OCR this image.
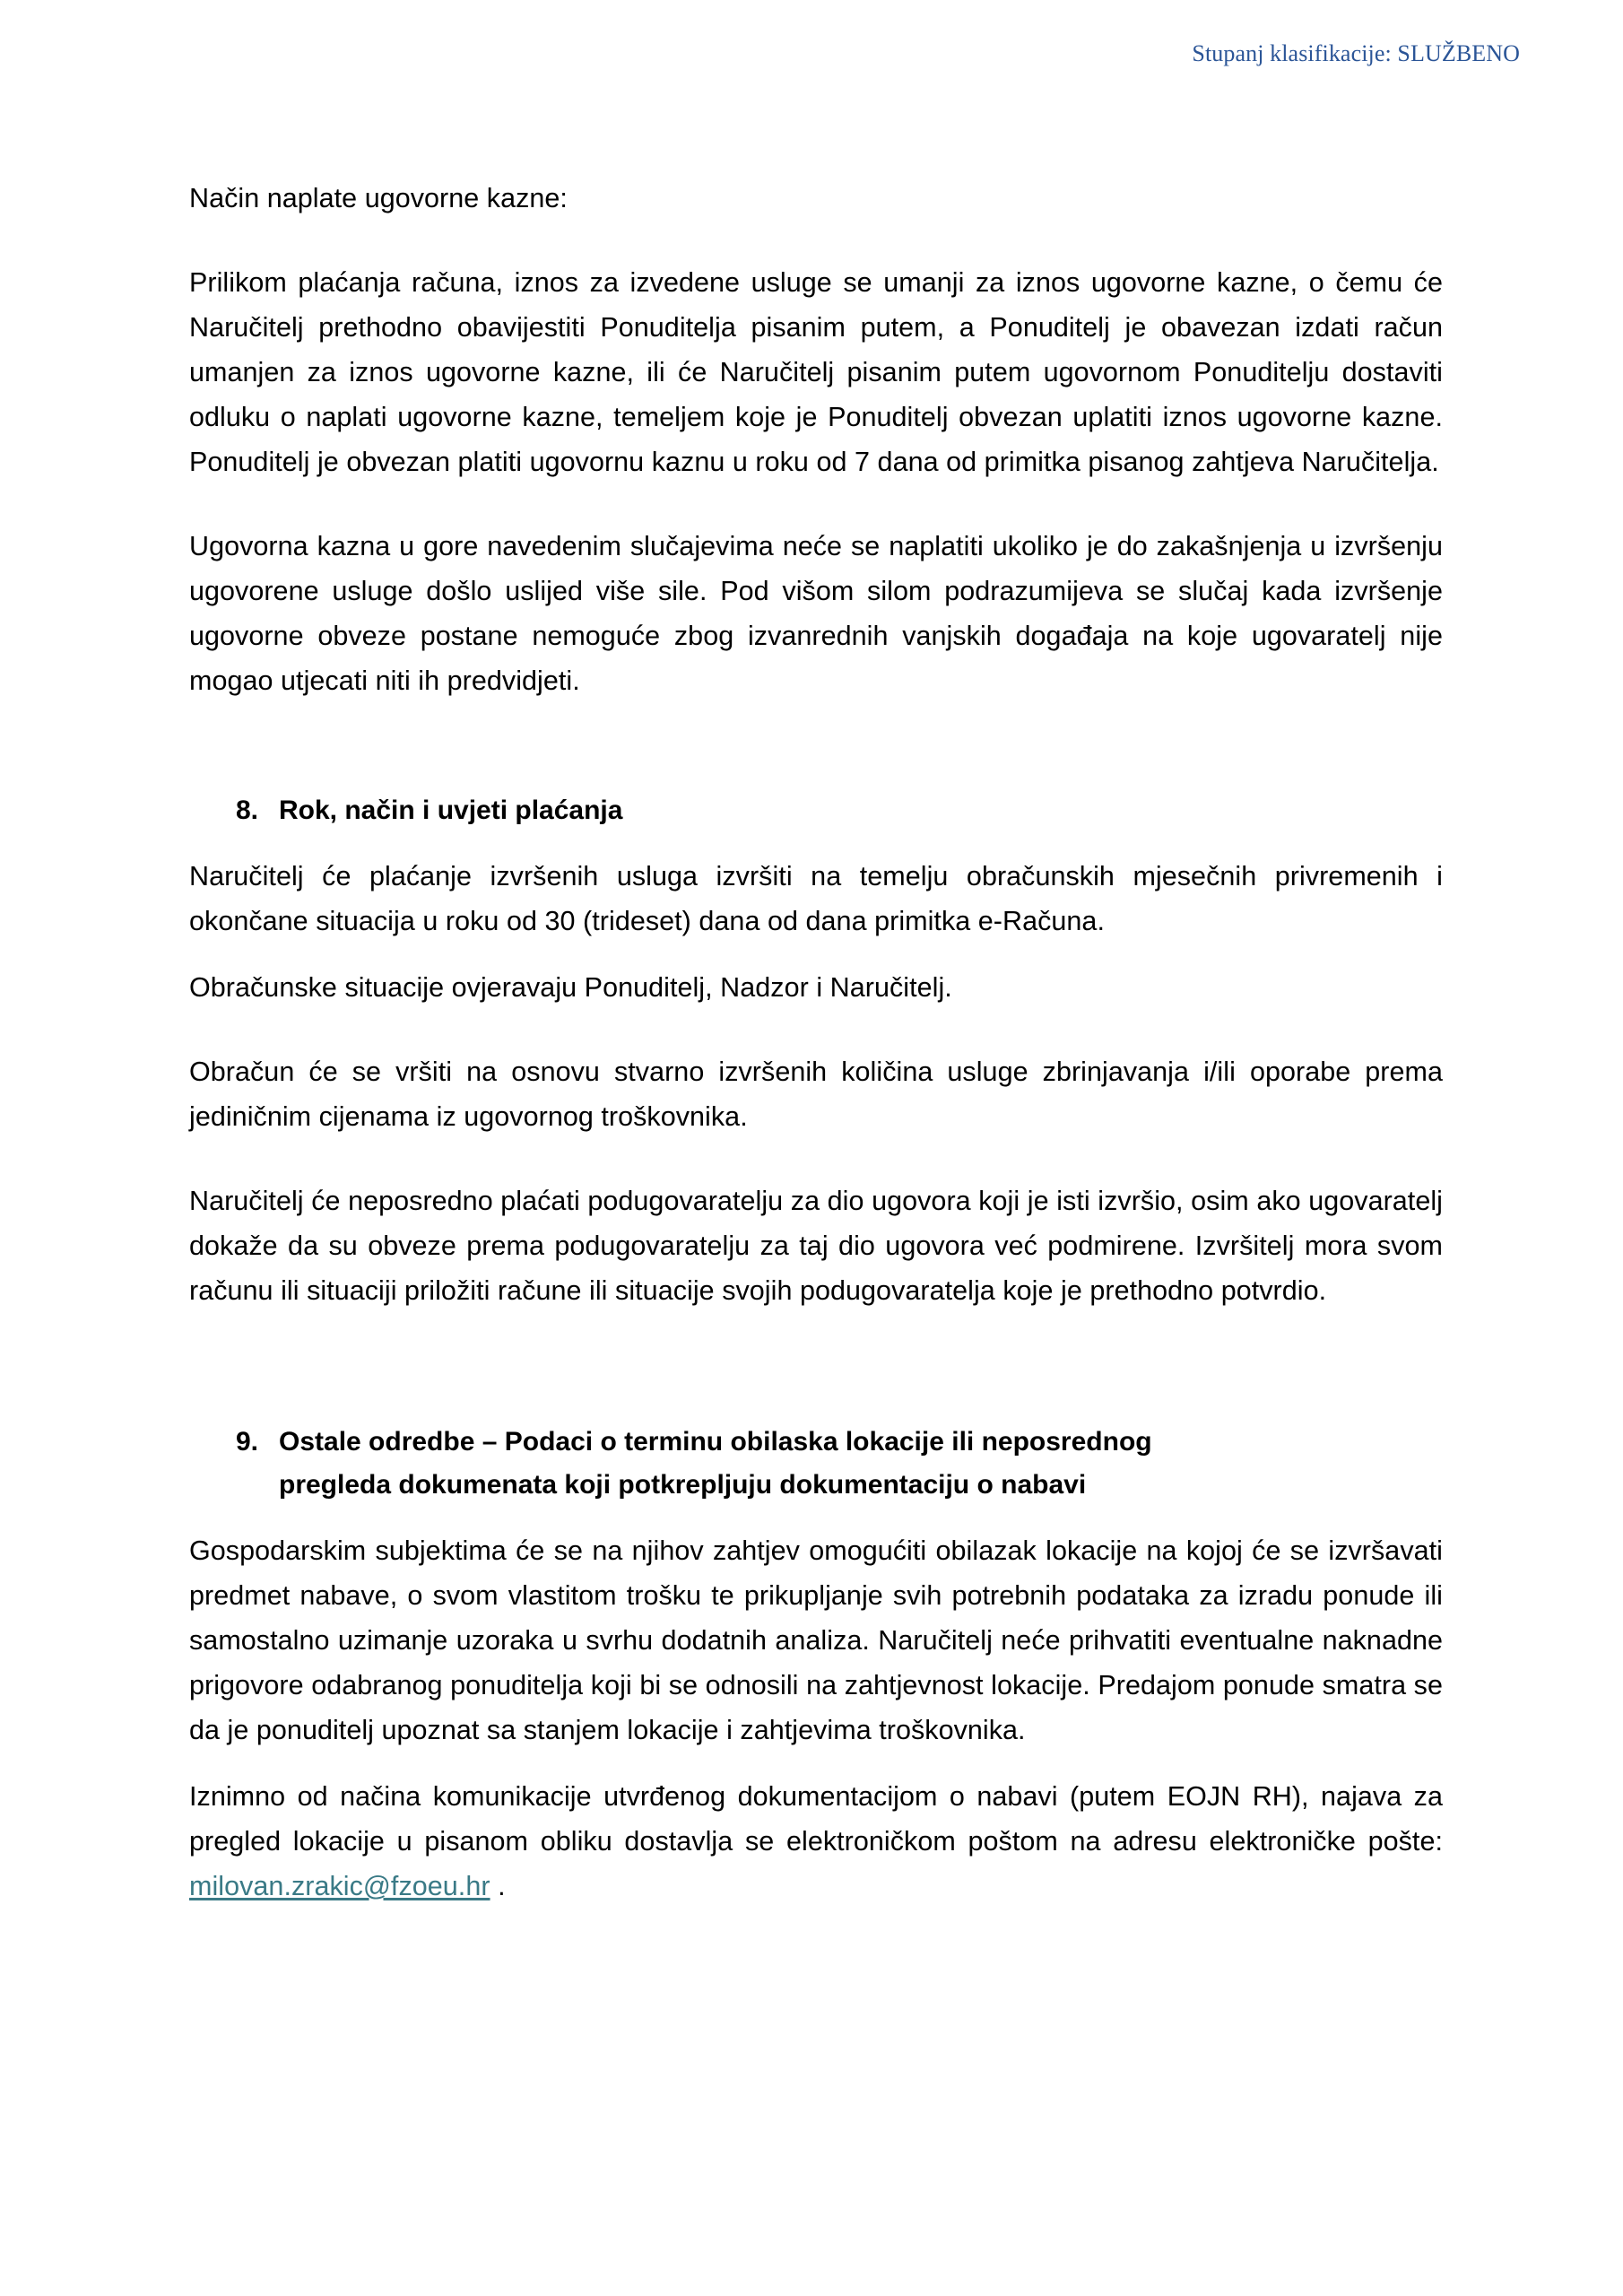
Stupanj klasifikacije: SLUŽBENO

Način naplate ugovorne kazne:

Prilikom plaćanja računa, iznos za izvedene usluge se umanji za iznos ugovorne kazne, o čemu će Naručitelj prethodno obavijestiti Ponuditelja pisanim putem, a Ponuditelj je obavezan izdati račun umanjen za iznos ugovorne kazne, ili će Naručitelj pisanim putem ugovornom Ponuditelju dostaviti odluku o naplati ugovorne kazne, temeljem koje je Ponuditelj obvezan uplatiti iznos ugovorne kazne. Ponuditelj je obvezan platiti ugovornu kaznu u roku od 7 dana od primitka pisanog zahtjeva Naručitelja.

Ugovorna kazna u gore navedenim slučajevima neće se naplatiti ukoliko je do zakašnjenja u izvršenju ugovorene usluge došlo uslijed više sile. Pod višom silom podrazumijeva se slučaj kada izvršenje ugovorne obveze postane nemoguće zbog izvanrednih vanjskih događaja na koje ugovaratelj nije mogao utjecati niti ih predvidjeti.

8. Rok, način i uvjeti plaćanja

Naručitelj će plaćanje izvršenih usluga izvršiti na temelju obračunskih mjesečnih privremenih i okončane situacija u roku od 30 (trideset) dana od dana primitka e-Računa.

Obračunske situacije ovjeravaju Ponuditelj, Nadzor i Naručitelj.

Obračun će se vršiti na osnovu stvarno izvršenih količina usluge zbrinjavanja i/ili oporabe prema jediničnim cijenama iz ugovornog troškovnika.

Naručitelj će neposredno plaćati podugovaratelju za dio ugovora koji je isti izvršio, osim ako ugovaratelj dokaže da su obveze prema podugovaratelju za taj dio ugovora već podmirene. Izvršitelj mora svom računu ili situaciji priložiti račune ili situacije svojih podugovaratelja koje je prethodno potvrdio.

9. Ostale odredbe – Podaci o terminu obilaska lokacije ili neposrednog
pregleda dokumenata koji potkrepljuju dokumentaciju o nabavi

Gospodarskim subjektima će se na njihov zahtjev omogućiti obilazak lokacije na kojoj će se izvršavati predmet nabave, o svom vlastitom trošku te prikupljanje svih potrebnih podataka za izradu ponude ili samostalno uzimanje uzoraka u svrhu dodatnih analiza. Naručitelj neće prihvatiti eventualne naknadne prigovore odabranog ponuditelja koji bi se odnosili na zahtjevnost lokacije. Predajom ponude smatra se da je ponuditelj upoznat sa stanjem lokacije i zahtjevima troškovnika.

Iznimno od načina komunikacije utvrđenog dokumentacijom o nabavi (putem EOJN RH), najava za pregled lokacije u pisanom obliku dostavlja se elektroničkom poštom na adresu elektroničke pošte: milovan.zrakic@fzoeu.hr .
